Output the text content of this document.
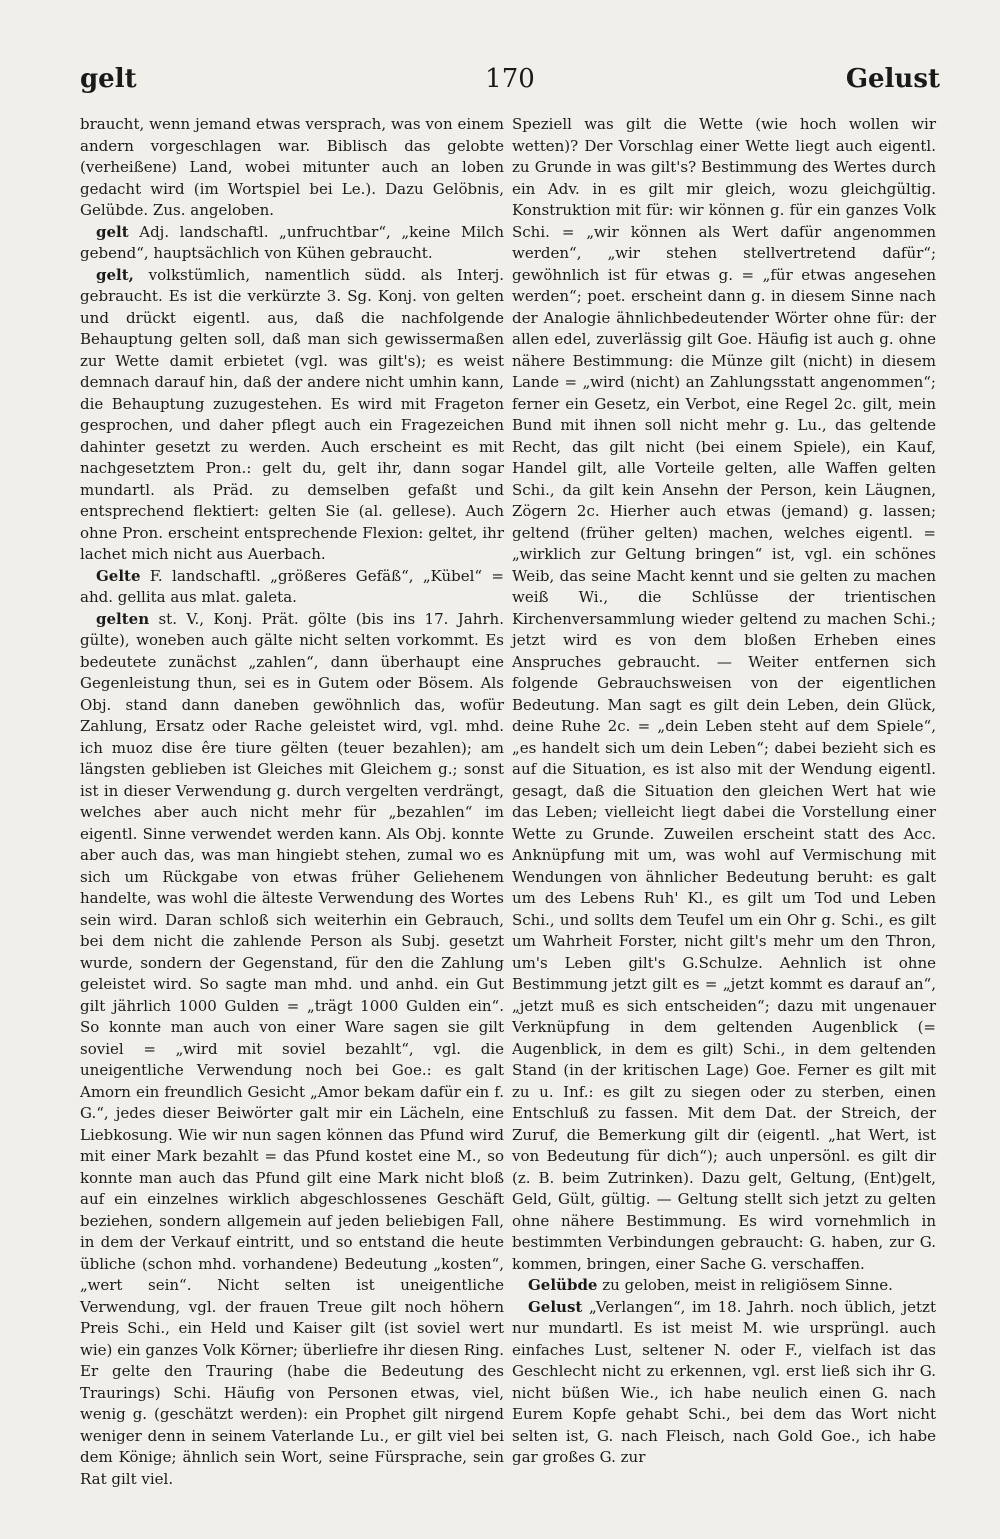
gelt	170	Gelust

braucht, wenn jemand etwas versprach, was von einem andern vorgeschlagen war. Biblisch das gelobte (verheißene) Land, wobei mitunter auch an loben gedacht wird (im Wortspiel bei Le.). Dazu Gelöbnis, Gelübde. Zus. angeloben.

gelt Adj. landschaftl. „unfruchtbar“, „keine Milch gebend“, hauptsächlich von Kühen gebraucht.

gelt, volkstümlich, namentlich südd. als Interj. gebraucht. Es ist die verkürzte 3. Sg. Konj. von gelten und drückt eigentl. aus, daß die nachfolgende Behauptung gelten soll, daß man sich gewissermaßen zur Wette damit erbietet (vgl. was gilt's); es weist demnach darauf hin, daß der andere nicht umhin kann, die Behauptung zuzugestehen. Es wird mit Frageton gesprochen, und daher pflegt auch ein Fragezeichen dahinter gesetzt zu werden. Auch erscheint es mit nachgesetztem Pron.: gelt du, gelt ihr, dann sogar mundartl. als Präd. zu demselben gefaßt und entsprechend flektiert: gelten Sie (al. gellese). Auch ohne Pron. erscheint entsprechende Flexion: geltet, ihr lachet mich nicht aus Auerbach.

Gelte F. landschaftl. „größeres Gefäß“, „Kübel“ = ahd. gellita aus mlat. galeta.

gelten st. V., Konj. Prät. gölte (bis ins 17. Jahrh. gülte), woneben auch gälte nicht selten vorkommt. Es bedeutete zunächst „zahlen“, dann überhaupt eine Gegenleistung thun, sei es in Gutem oder Bösem. Als Obj. stand dann daneben gewöhnlich das, wofür Zahlung, Ersatz oder Rache geleistet wird, vgl. mhd. ich muoz dise êre tiure gëlten (teuer bezahlen); am längsten geblieben ist Gleiches mit Gleichem g.; sonst ist in dieser Verwendung g. durch vergelten verdrängt, welches aber auch nicht mehr für „bezahlen“ im eigentl. Sinne verwendet werden kann. Als Obj. konnte aber auch das, was man hingiebt stehen, zumal wo es sich um Rückgabe von etwas früher Geliehenem handelte, was wohl die älteste Verwendung des Wortes sein wird. Daran schloß sich weiterhin ein Gebrauch, bei dem nicht die zahlende Person als Subj. gesetzt wurde, sondern der Gegenstand, für den die Zahlung geleistet wird. So sagte man mhd. und anhd. ein Gut gilt jährlich 1000 Gulden = „trägt 1000 Gulden ein“. So konnte man auch von einer Ware sagen sie gilt soviel = „wird mit soviel bezahlt“, vgl. die uneigentliche Verwendung noch bei Goe.: es galt Amorn ein freundlich Gesicht „Amor bekam dafür ein f. G.“, jedes dieser Beiwörter galt mir ein Lächeln, eine Liebkosung. Wie wir nun sagen können das Pfund wird mit einer Mark bezahlt = das Pfund kostet eine M., so konnte man auch das Pfund gilt eine Mark nicht bloß auf ein einzelnes wirklich abgeschlossenes Geschäft beziehen, sondern allgemein auf jeden beliebigen Fall, in dem der Verkauf eintritt, und so entstand die heute übliche (schon mhd. vorhandene) Bedeutung „kosten“, „wert sein“. Nicht selten ist uneigentliche Verwendung, vgl. der frauen Treue gilt noch höhern Preis Schi., ein Held und Kaiser gilt (ist soviel wert wie) ein ganzes Volk Körner; überliefre ihr diesen Ring. Er gelte den Trauring (habe die Bedeutung des Traurings) Schi. Häufig von Personen etwas, viel, wenig g. (geschätzt werden): ein Prophet gilt nirgend weniger denn in seinem Vaterlande Lu., er gilt viel bei dem Könige; ähnlich sein Wort, seine Fürsprache, sein Rat gilt viel.

Speziell was gilt die Wette (wie hoch wollen wir wetten)? Der Vorschlag einer Wette liegt auch eigentl. zu Grunde in was gilt's? Bestimmung des Wertes durch ein Adv. in es gilt mir gleich, wozu gleichgültig. Konstruktion mit für: wir können g. für ein ganzes Volk Schi. = „wir können als Wert dafür angenommen werden“, „wir stehen stellvertretend dafür“; gewöhnlich ist für etwas g. = „für etwas angesehen werden“; poet. erscheint dann g. in diesem Sinne nach der Analogie ähnlichbedeutender Wörter ohne für: der allen edel, zuverlässig gilt Goe. Häufig ist auch g. ohne nähere Bestimmung: die Münze gilt (nicht) in diesem Lande = „wird (nicht) an Zahlungsstatt angenommen“; ferner ein Gesetz, ein Verbot, eine Regel 2c. gilt, mein Bund mit ihnen soll nicht mehr g. Lu., das geltende Recht, das gilt nicht (bei einem Spiele), ein Kauf, Handel gilt, alle Vorteile gelten, alle Waffen gelten Schi., da gilt kein Ansehn der Person, kein Läugnen, Zögern 2c. Hierher auch etwas (jemand) g. lassen; geltend (früher gelten) machen, welches eigentl. = „wirklich zur Geltung bringen“ ist, vgl. ein schönes Weib, das seine Macht kennt und sie gelten zu machen weiß Wi., die Schlüsse der trientischen Kirchenversammlung wieder geltend zu machen Schi.; jetzt wird es von dem bloßen Erheben eines Anspruches gebraucht. — Weiter entfernen sich folgende Gebrauchsweisen von der eigentlichen Bedeutung. Man sagt es gilt dein Leben, dein Glück, deine Ruhe 2c. = „dein Leben steht auf dem Spiele“, „es handelt sich um dein Leben“; dabei bezieht sich es auf die Situation, es ist also mit der Wendung eigentl. gesagt, daß die Situation den gleichen Wert hat wie das Leben; vielleicht liegt dabei die Vorstellung einer Wette zu Grunde. Zuweilen erscheint statt des Acc. Anknüpfung mit um, was wohl auf Vermischung mit Wendungen von ähnlicher Bedeutung beruht: es galt um des Lebens Ruh' Kl., es gilt um Tod und Leben Schi., und sollts dem Teufel um ein Ohr g. Schi., es gilt um Wahrheit Forster, nicht gilt's mehr um den Thron, um's Leben gilt's G.Schulze. Aehnlich ist ohne Bestimmung jetzt gilt es = „jetzt kommt es darauf an“, „jetzt muß es sich entscheiden“; dazu mit ungenauer Verknüpfung in dem geltenden Augenblick (= Augenblick, in dem es gilt) Schi., in dem geltenden Stand (in der kritischen Lage) Goe. Ferner es gilt mit zu u. Inf.: es gilt zu siegen oder zu sterben, einen Entschluß zu fassen. Mit dem Dat. der Streich, der Zuruf, die Bemerkung gilt dir (eigentl. „hat Wert, ist von Bedeutung für dich“); auch unpersönl. es gilt dir (z. B. beim Zutrinken). Dazu gelt, Geltung, (Ent)gelt, Geld, Gült, gültig. — Geltung stellt sich jetzt zu gelten ohne nähere Bestimmung. Es wird vornehmlich in bestimmten Verbindungen gebraucht: G. haben, zur G. kommen, bringen, einer Sache G. verschaffen.

Gelübde zu geloben, meist in religiösem Sinne.

Gelust „Verlangen“, im 18. Jahrh. noch üblich, jetzt nur mundartl. Es ist meist M. wie ursprüngl. auch einfaches Lust, seltener N. oder F., vielfach ist das Geschlecht nicht zu erkennen, vgl. erst ließ sich ihr G. nicht büßen Wie., ich habe neulich einen G. nach Eurem Kopfe gehabt Schi., bei dem das Wort nicht selten ist, G. nach Fleisch, nach Gold Goe., ich habe gar großes G. zur
